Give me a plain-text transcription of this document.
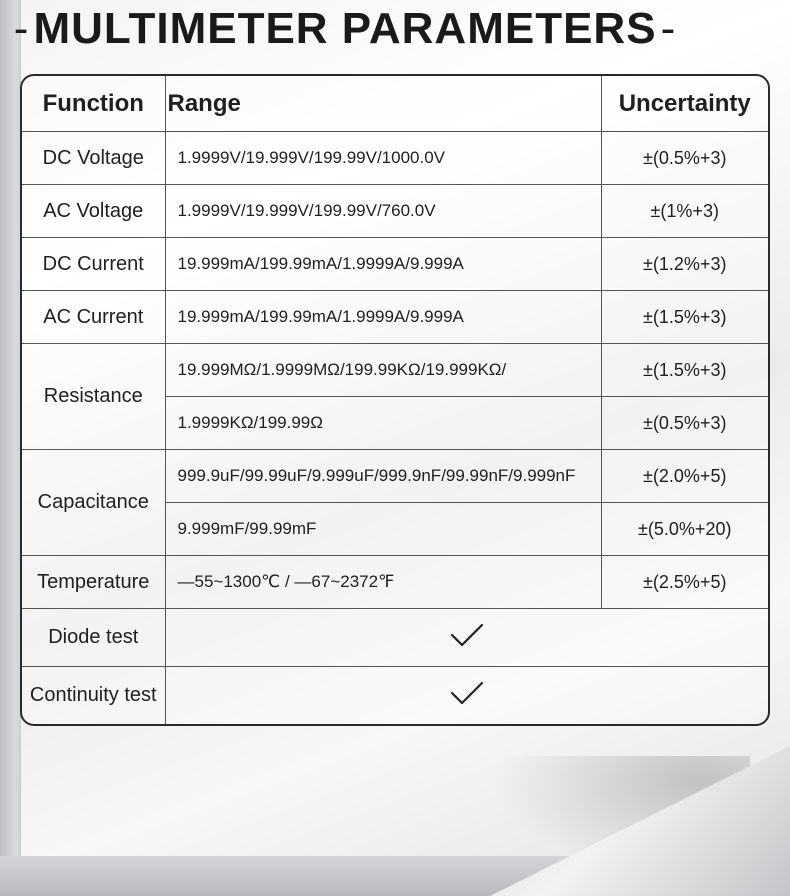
-MULTIMETER PARAMETERS-
Function	Range	Uncertainty
DC Voltage	1.9999V/19.999V/199.99V/1000.0V	±(0.5%+3)
AC Voltage	1.9999V/19.999V/199.99V/760.0V	±(1%+3)
DC Current	19.999mA/199.99mA/1.9999A/9.999A	±(1.2%+3)
AC Current	19.999mA/199.99mA/1.9999A/9.999A	±(1.5%+3)
Resistance	19.999MΩ/1.9999MΩ/199.99KΩ/19.999KΩ/	±(1.5%+3)
	1.9999KΩ/199.99Ω	±(0.5%+3)
Capacitance	999.9uF/99.99uF/9.999uF/999.9nF/99.99nF/9.999nF	±(2.0%+5)
	9.999mF/99.99mF	±(5.0%+20)
Temperature	—55~1300℃ / —67~2372℉	±(2.5%+5)
Diode test	
Continuity test	
